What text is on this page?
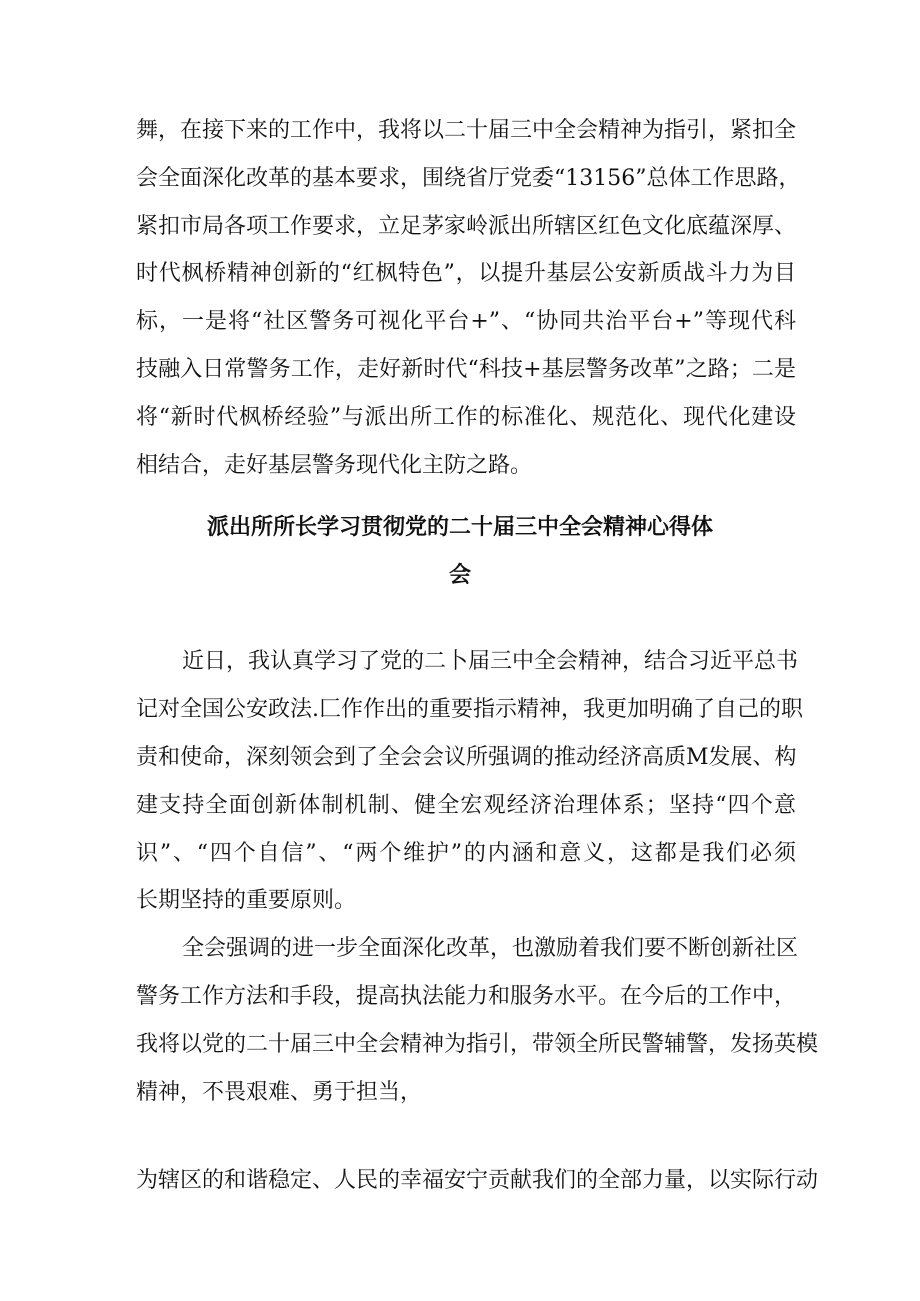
舞，在接下来的工作中，我将以二十届三中全会精神为指引，紧扣全
会全面深化改革的基本要求，围绕省厅党委“13156”总体工作思路，
紧扣市局各项工作要求，立足茅家岭派出所辖区红色文化底蕴深厚、
时代枫桥精神创新的“红枫特色”，以提升基层公安新质战斗力为目
标，一是将“社区警务可视化平台+”、“协同共治平台+”等现代科
技融入日常警务工作，走好新时代“科技+基层警务改革”之路；二是
将“新时代枫桥经验”与派出所工作的标准化、规范化、现代化建设
相结合，走好基层警务现代化主防之路。
派出所所长学习贯彻党的二十届三中全会精神心得体
会
近日，我认真学习了党的二卜届三中全会精神，结合习近平总书
记对全国公安政法.匚作作出的重要指示精神，我更加明确了自己的职
责和使命，深刻领会到了全会会议所强调的推动经济高质M发展、构
建支持全面创新体制机制、健全宏观经济治理体系；坚持“四个意
识”、“四个自信”、“两个维护”的内涵和意义，这都是我们必须
长期坚持的重要原则。
全会强调的进一步全面深化改革，也激励着我们要不断创新社区
警务工作方法和手段，提高执法能力和服务水平。在今后的工作中，
我将以党的二十届三中全会精神为指引，带领全所民警辅警，发扬英模
精神，不畏艰难、勇于担当，
为辖区的和谐稳定、人民的幸福安宁贡献我们的全部力量，以实际行动
